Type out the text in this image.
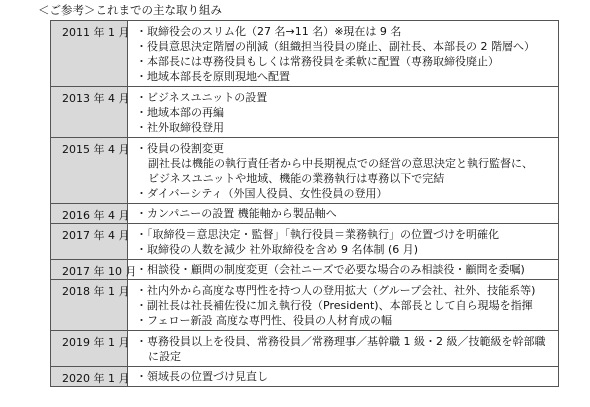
＜ご参考＞これまでの主な取り組み
2011 年 1 月	・取締役会のスリム化（27 名→11 名）※現在は 9 名
・役員意思決定階層の削減（組織担当役員の廃止、副社長、本部長の 2 階層へ）
・本部長には専務役員もしくは常務役員を柔軟に配置（専務取締役廃止）
・地域本部長を原則現地へ配置

2013 年 4 月	・ビジネスユニットの設置
・地域本部の再編
・社外取締役登用

2015 年 4 月	・役員の役割変更
副社長は機能の執行責任者から中長期視点での経営の意思決定と執行監督に、
ビジネスユニットや地域、機能の業務執行は専務以下で完結
・ダイバーシティ（外国人役員、女性役員の登用）

2016 年 4 月	・カンパニーの設置 機能軸から製品軸へ

2017 年 4 月	・「取締役＝意思決定・監督」「執行役員＝業務執行」の位置づけを明確化
・取締役の人数を減少 社外取締役を含め 9 名体制 (6 月)

2017 年 10 月	・相談役・顧問の制度変更（会社ニーズで必要な場合のみ相談役・顧問を委嘱)

2018 年 1 月	・社内外から高度な専門性を持つ人の登用拡大（グループ会社、社外、技能系等)
・副社長は社長補佐役に加え執行役（President)、本部長として自ら現場を指揮
・フェロー新設 高度な専門性、役員の人材育成の幅

2019 年 1 月	・専務役員以上を役員、常務役員／常務理事／基幹職 1 級・2 級／技範級を幹部職
に設定

2020 年 1 月	・領域長の位置づけ見直し
